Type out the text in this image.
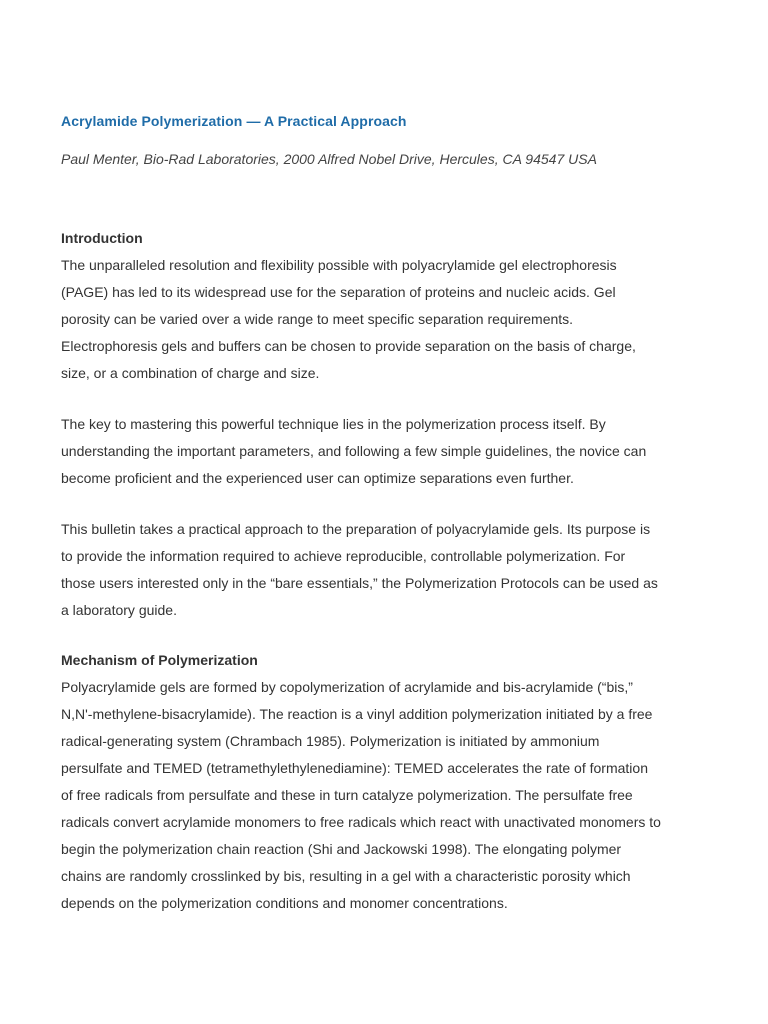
Acrylamide Polymerization — A Practical Approach

Paul Menter, Bio-Rad Laboratories, 2000 Alfred Nobel Drive, Hercules, CA 94547 USA

Introduction

The unparalleled resolution and flexibility possible with polyacrylamide gel electrophoresis (PAGE) has led to its widespread use for the separation of proteins and nucleic acids. Gel porosity can be varied over a wide range to meet specific separation requirements. Electrophoresis gels and buffers can be chosen to provide separation on the basis of charge, size, or a combination of charge and size.

The key to mastering this powerful technique lies in the polymerization process itself. By understanding the important parameters, and following a few simple guidelines, the novice can become proficient and the experienced user can optimize separations even further.

This bulletin takes a practical approach to the preparation of polyacrylamide gels. Its purpose is to provide the information required to achieve reproducible, controllable polymerization. For those users interested only in the “bare essentials,” the Polymerization Protocols can be used as a laboratory guide.

Mechanism of Polymerization

Polyacrylamide gels are formed by copolymerization of acrylamide and bis-acrylamide (“bis,” N,N'-methylene-bisacrylamide). The reaction is a vinyl addition polymerization initiated by a free radical-generating system (Chrambach 1985). Polymerization is initiated by ammonium persulfate and TEMED (tetramethylethylenediamine): TEMED accelerates the rate of formation of free radicals from persulfate and these in turn catalyze polymerization. The persulfate free radicals convert acrylamide monomers to free radicals which react with unactivated monomers to begin the polymerization chain reaction (Shi and Jackowski 1998). The elongating polymer chains are randomly crosslinked by bis, resulting in a gel with a characteristic porosity which depends on the polymerization conditions and monomer concentrations.
